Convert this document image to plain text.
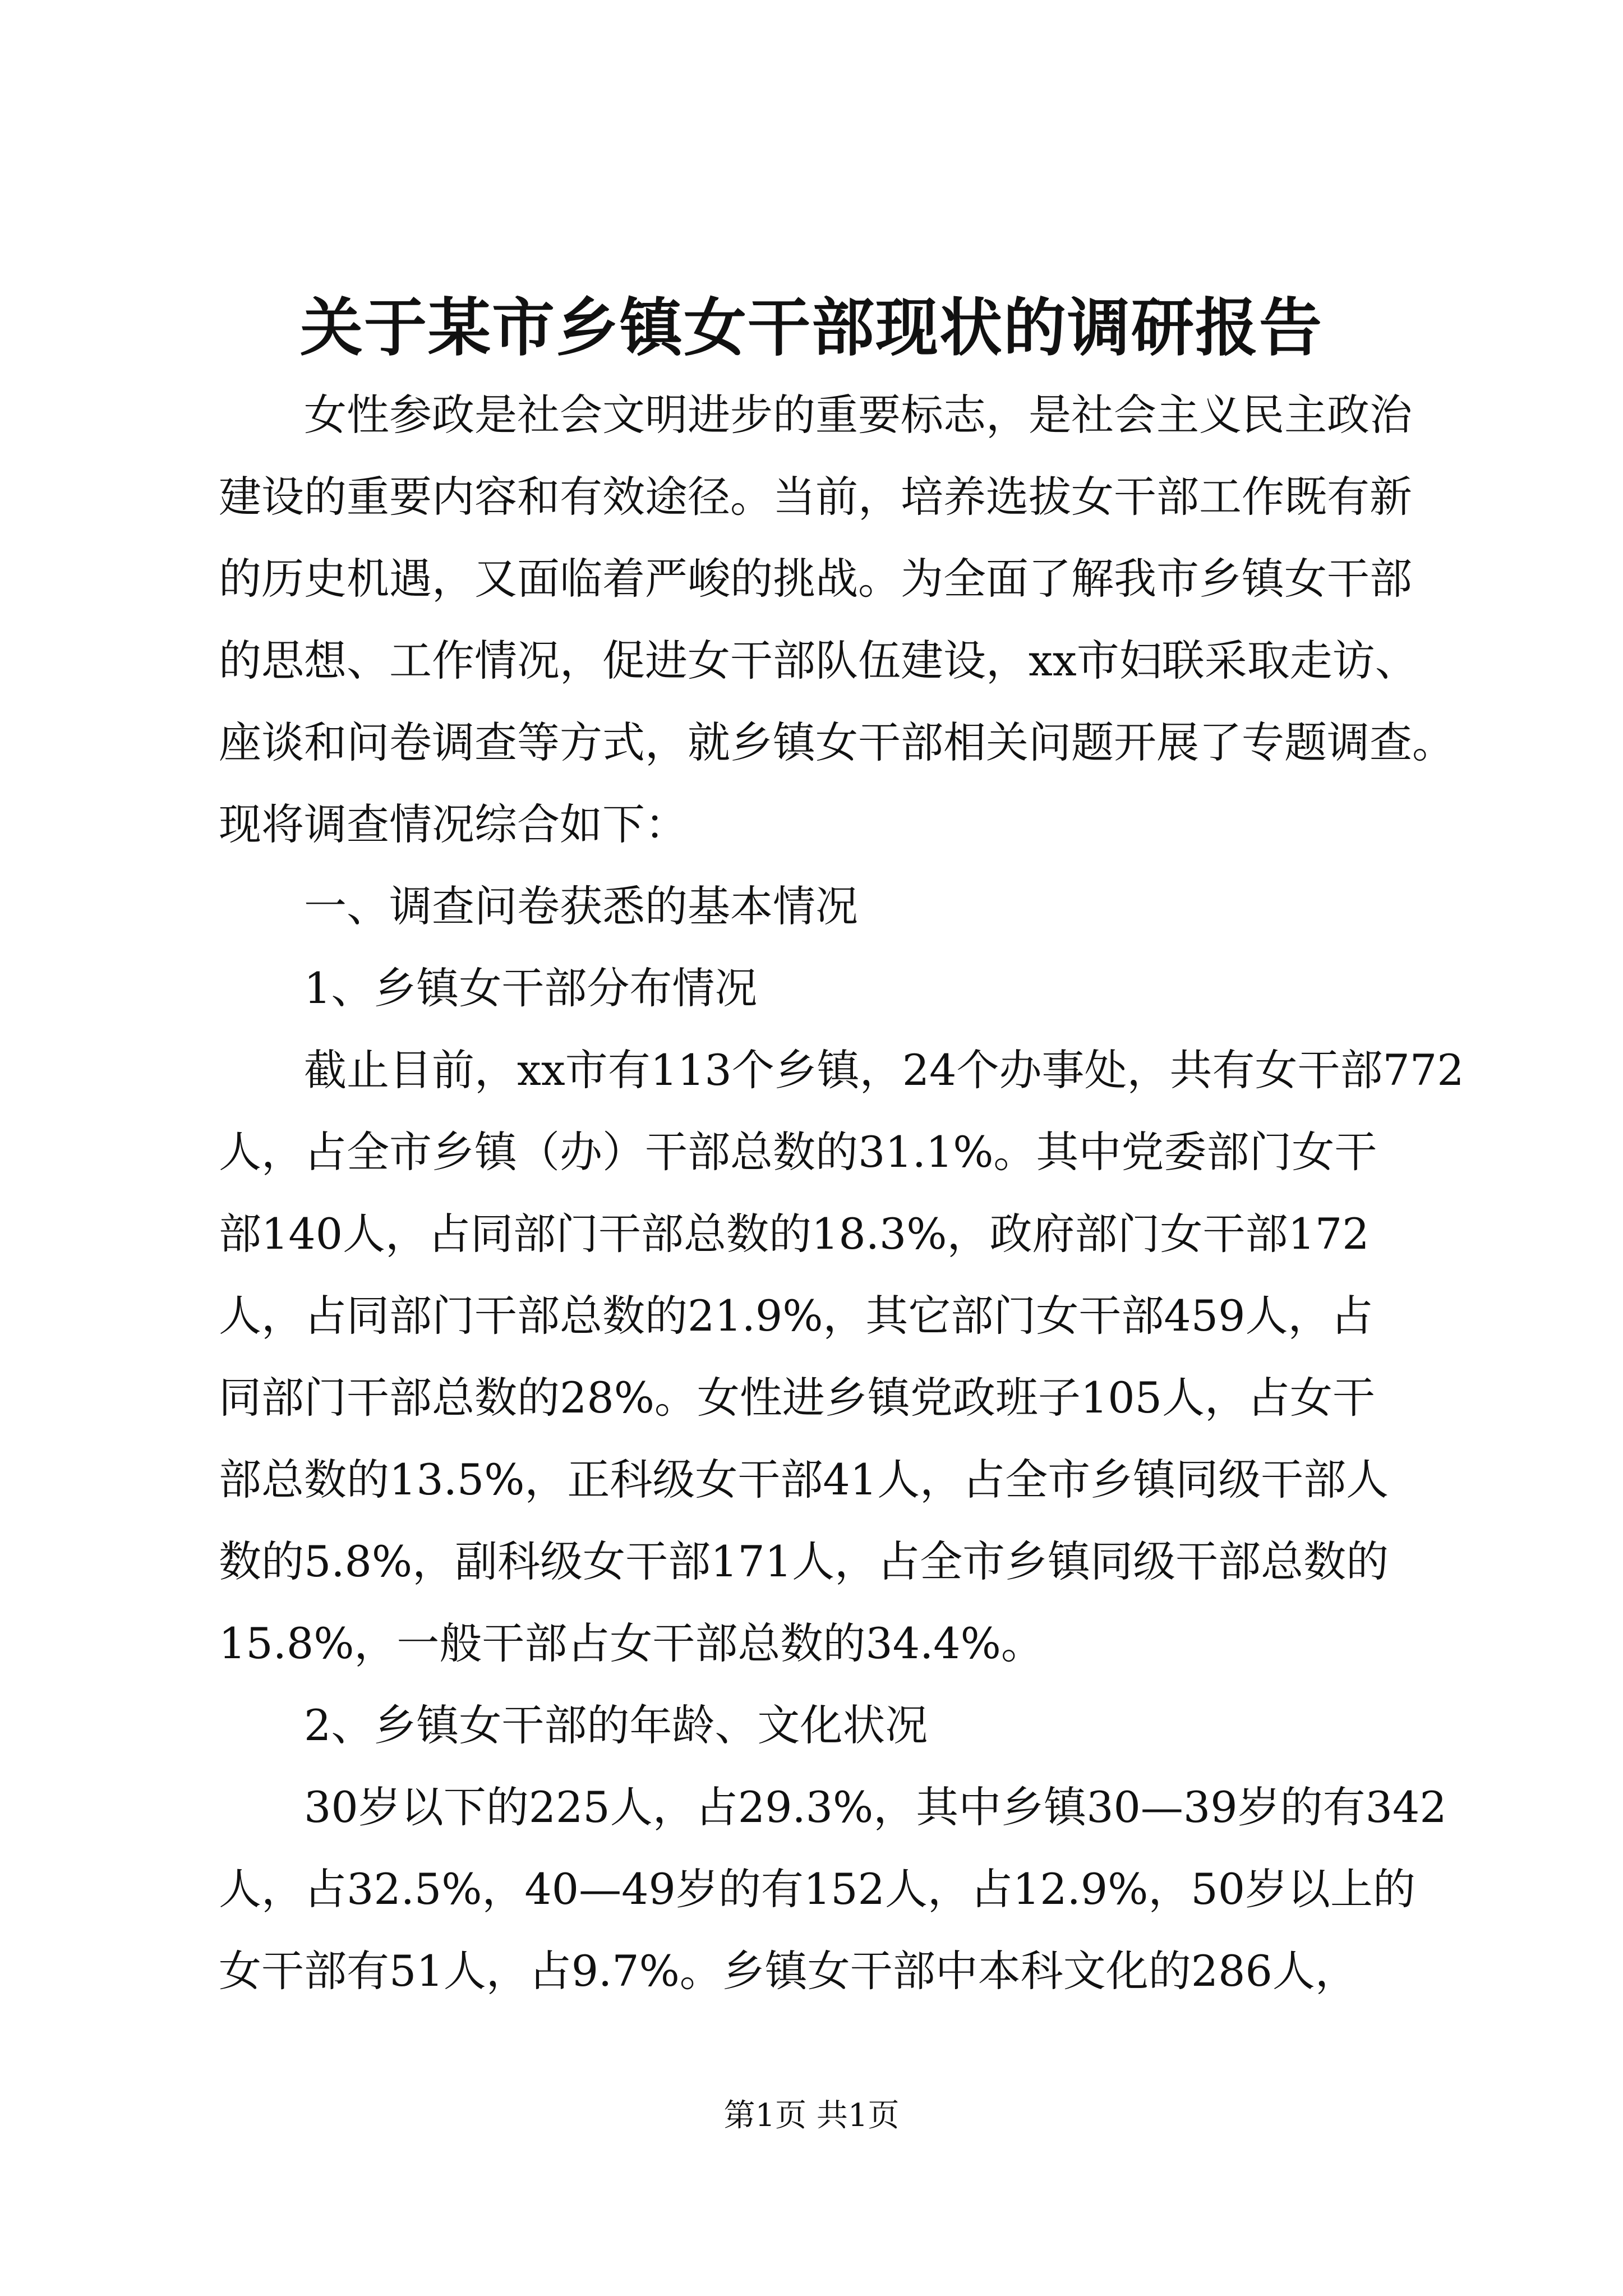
关于某市乡镇女干部现状的调研报告
女性参政是社会文明进步的重要标志，是社会主义民主政治
建设的重要内容和有效途径。当前，培养选拔女干部工作既有新
的历史机遇，又面临着严峻的挑战。为全面了解我市乡镇女干部
的思想、工作情况，促进女干部队伍建设，xx市妇联采取走访、
座谈和问卷调查等方式，就乡镇女干部相关问题开展了专题调查。
现将调查情况综合如下：
一、调查问卷获悉的基本情况
1、乡镇女干部分布情况
截止目前，xx市有113个乡镇，24个办事处，共有女干部772
人，占全市乡镇（办）干部总数的31.1%。其中党委部门女干
部140人，占同部门干部总数的18.3%，政府部门女干部172
人，占同部门干部总数的21.9%，其它部门女干部459人，占
同部门干部总数的28%。女性进乡镇党政班子105人，占女干
部总数的13.5%，正科级女干部41人，占全市乡镇同级干部人
数的5.8%，副科级女干部171人，占全市乡镇同级干部总数的
15.8%，一般干部占女干部总数的34.4%。
2、乡镇女干部的年龄、文化状况
30岁以下的225人，占29.3%，其中乡镇30—39岁的有342
人，占32.5%，40—49岁的有152人，占12.9%，50岁以上的
女干部有51人，占9.7%。乡镇女干部中本科文化的286人，
第1页 共1页
